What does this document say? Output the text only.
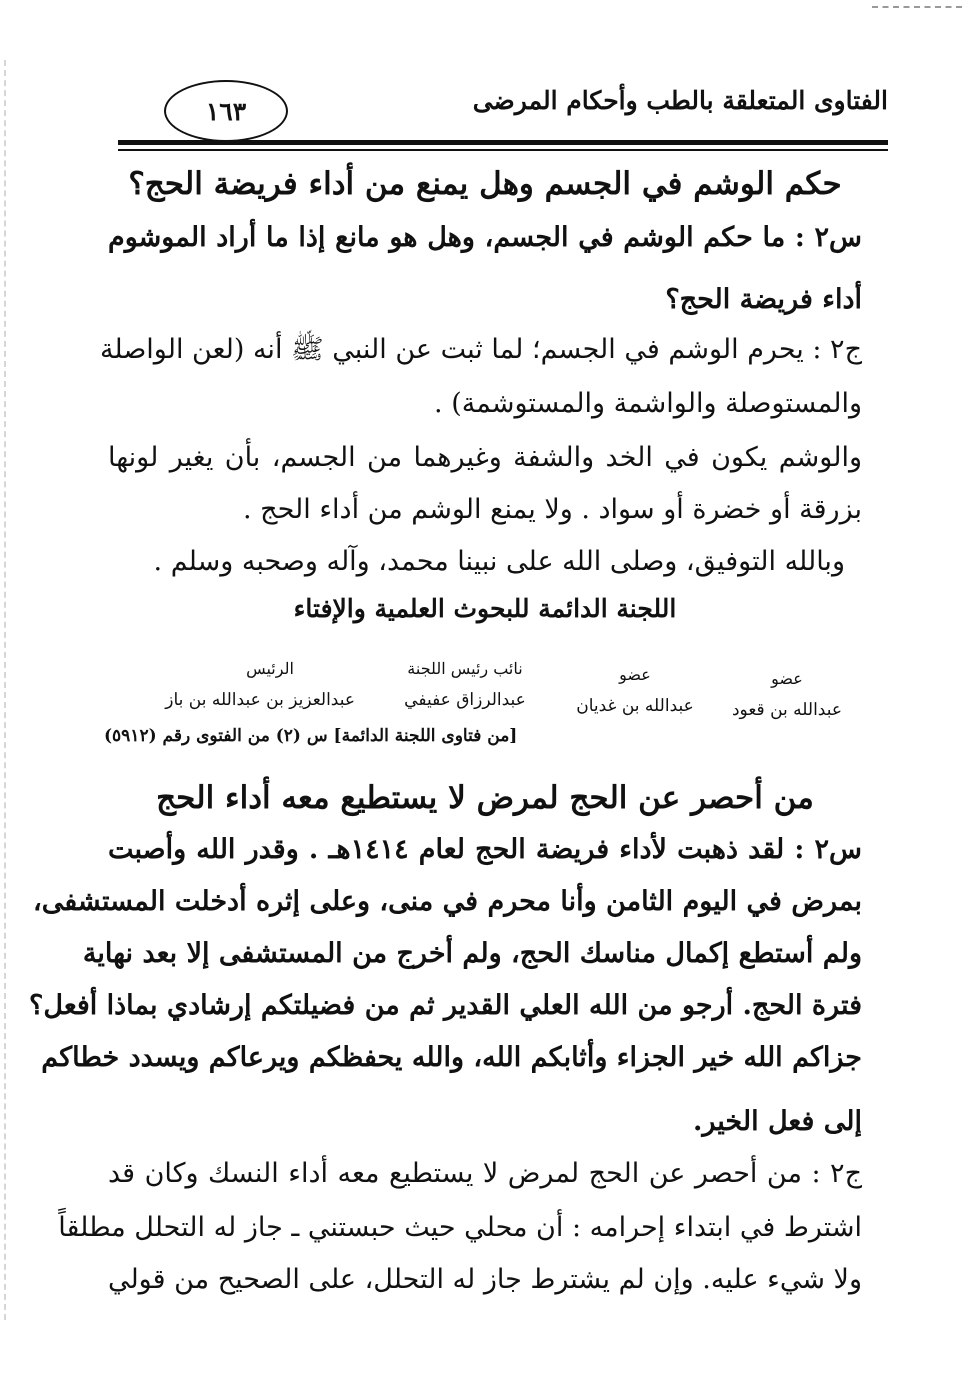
الفتاوى المتعلقة بالطب وأحكام المرضى
١٦٣
حكم الوشم في الجسم وهل يمنع من أداء فريضة الحج؟
س٢ : ما حكم الوشم في الجسم، وهل هو مانع إذا ما أراد الموشوم
أداء فريضة الحج؟
ج٢ : يحرم الوشم في الجسم؛ لما ثبت عن النبي ﷺ أنه (لعن الواصلة
والمستوصلة والواشمة والمستوشمة) .
والوشم يكون في الخد والشفة وغيرهما من الجسم، بأن يغير لونها
بزرقة أو خضرة أو سواد . ولا يمنع الوشم من أداء الحج .
وبالله التوفيق، وصلى الله على نبينا محمد، وآله وصحبه وسلم .
اللجنة الدائمة للبحوث العلمية والإفتاء
الرئيس
عبدالعزيز بن عبدالله بن باز
نائب رئيس اللجنة
عبدالرزاق عفيفي
عضو
عبدالله بن غديان
عضو
عبدالله بن قعود
[من فتاوى اللجنة الدائمة] س (٢) من الفتوى رقم (٥٩١٢)
من أحصر عن الحج لمرض لا يستطيع معه أداء الحج
س٢ : لقد ذهبت لأداء فريضة الحج لعام ١٤١٤هـ . وقدر الله وأصبت
بمرض في اليوم الثامن وأنا محرم في منى، وعلى إثره أدخلت المستشفى،
ولم أستطع إكمال مناسك الحج، ولم أخرج من المستشفى إلا بعد نهاية
فترة الحج. أرجو من الله العلي القدير ثم من فضيلتكم إرشادي بماذا أفعل؟
جزاكم الله خير الجزاء وأثابكم الله، والله يحفظكم ويرعاكم ويسدد خطاكم
إلى فعل الخير.
ج٢ : من أحصر عن الحج لمرض لا يستطيع معه أداء النسك وكان قد
اشترط في ابتداء إحرامه : أن محلي حيث حبستني ـ جاز له التحلل مطلقاً
ولا شيء عليه. وإن لم يشترط جاز له التحلل، على الصحيح من قولي
